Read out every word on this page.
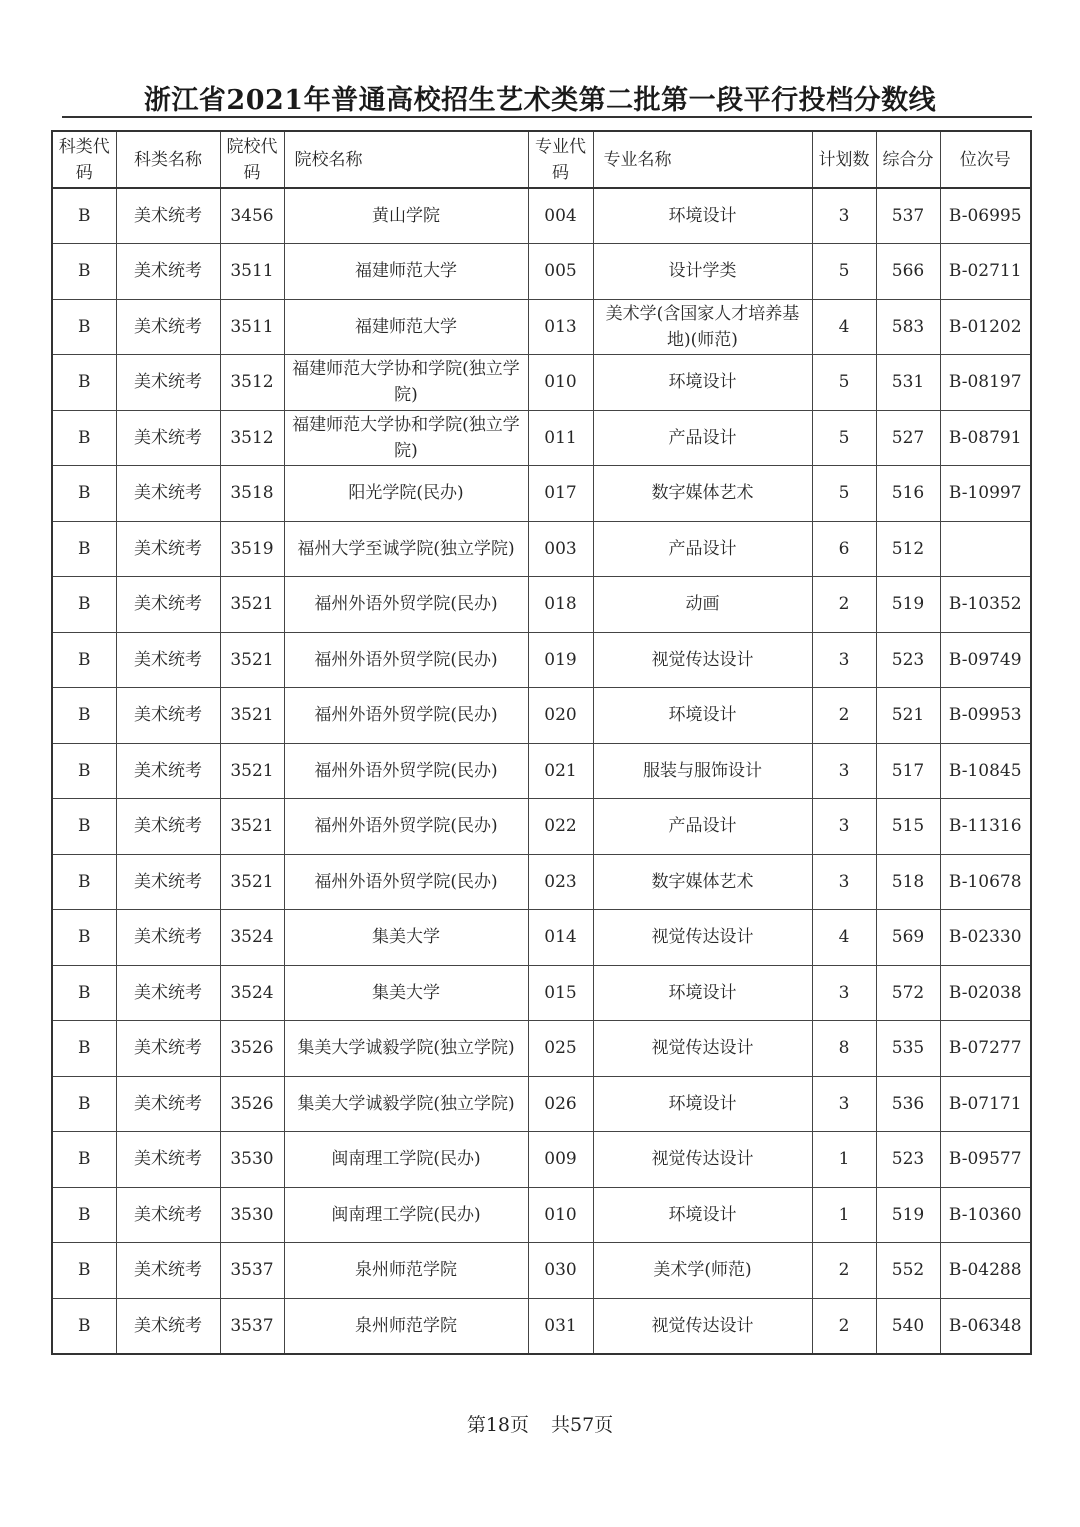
浙江省2021年普通高校招生艺术类第二批第一段平行投档分数线
科类代码	科类名称	院校代码	院校名称	专业代码	专业名称	计划数	综合分	位次号
B	美术统考	3456	黄山学院	004	环境设计	3	537	B-06995
B	美术统考	3511	福建师范大学	005	设计学类	5	566	B-02711
B	美术统考	3511	福建师范大学	013	美术学(含国家人才培养基地)(师范)	4	583	B-01202
B	美术统考	3512	福建师范大学协和学院(独立学院)	010	环境设计	5	531	B-08197
B	美术统考	3512	福建师范大学协和学院(独立学院)	011	产品设计	5	527	B-08791
B	美术统考	3518	阳光学院(民办)	017	数字媒体艺术	5	516	B-10997
B	美术统考	3519	福州大学至诚学院(独立学院)	003	产品设计	6	512	
B	美术统考	3521	福州外语外贸学院(民办)	018	动画	2	519	B-10352
B	美术统考	3521	福州外语外贸学院(民办)	019	视觉传达设计	3	523	B-09749
B	美术统考	3521	福州外语外贸学院(民办)	020	环境设计	2	521	B-09953
B	美术统考	3521	福州外语外贸学院(民办)	021	服装与服饰设计	3	517	B-10845
B	美术统考	3521	福州外语外贸学院(民办)	022	产品设计	3	515	B-11316
B	美术统考	3521	福州外语外贸学院(民办)	023	数字媒体艺术	3	518	B-10678
B	美术统考	3524	集美大学	014	视觉传达设计	4	569	B-02330
B	美术统考	3524	集美大学	015	环境设计	3	572	B-02038
B	美术统考	3526	集美大学诚毅学院(独立学院)	025	视觉传达设计	8	535	B-07277
B	美术统考	3526	集美大学诚毅学院(独立学院)	026	环境设计	3	536	B-07171
B	美术统考	3530	闽南理工学院(民办)	009	视觉传达设计	1	523	B-09577
B	美术统考	3530	闽南理工学院(民办)	010	环境设计	1	519	B-10360
B	美术统考	3537	泉州师范学院	030	美术学(师范)	2	552	B-04288
B	美术统考	3537	泉州师范学院	031	视觉传达设计	2	540	B-06348
第18页 共57页
